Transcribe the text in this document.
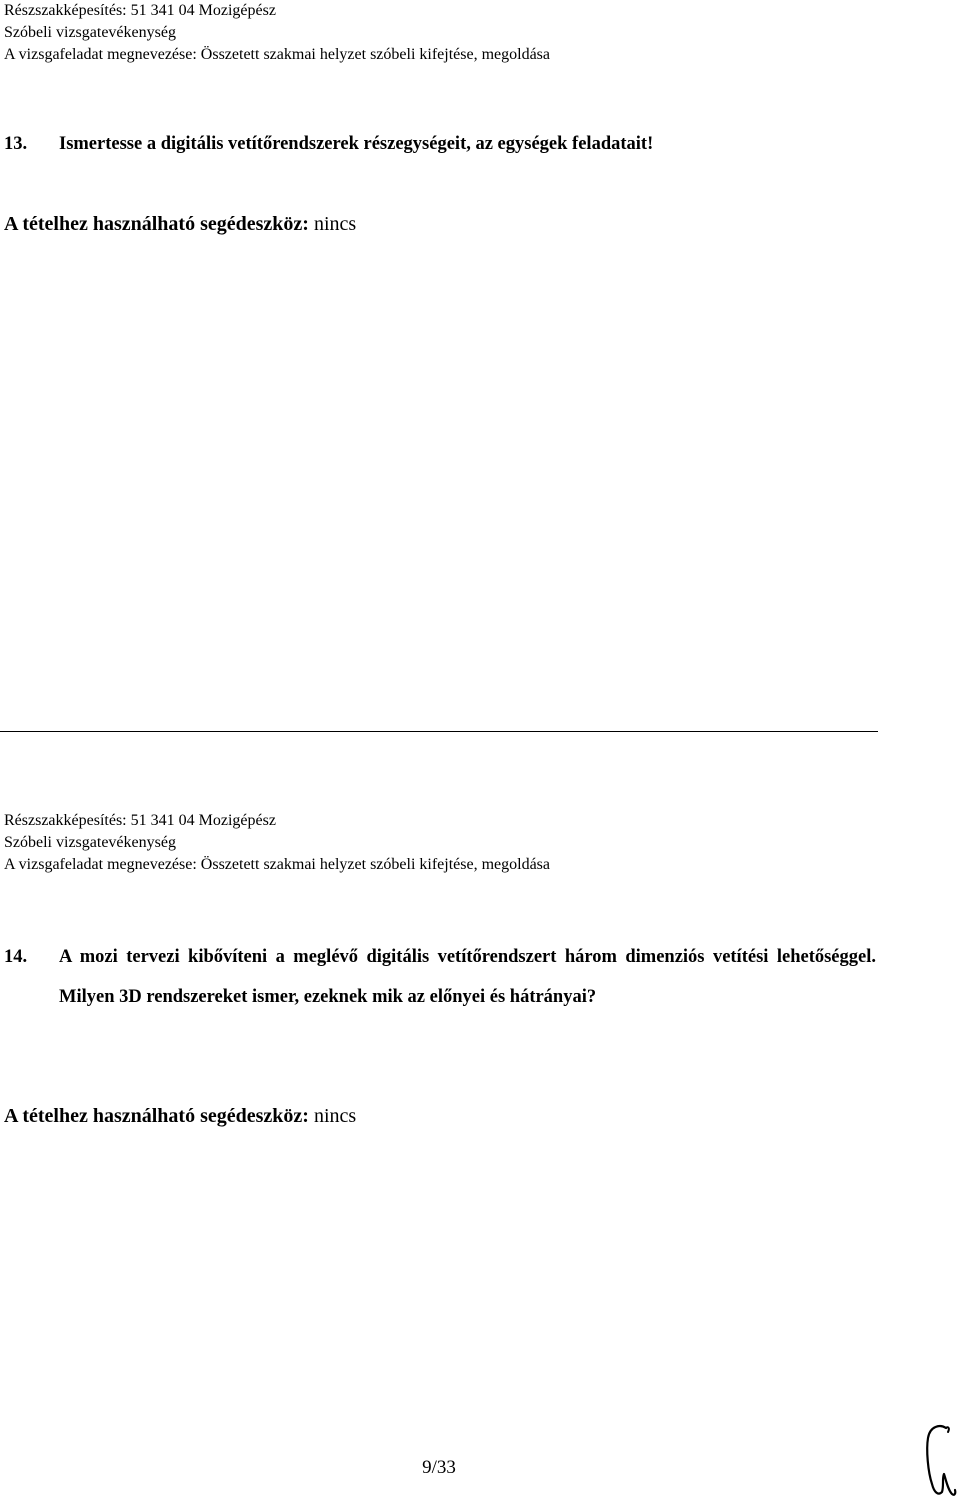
Részszakképesítés: 51 341 04 Mozigépész
Szóbeli vizsgatevékenység
A vizsgafeladat megnevezése: Összetett szakmai helyzet szóbeli kifejtése, megoldása
13. Ismertesse a digitális vetítőrendszerek részegységeit, az egységek feladatait!
A tételhez használható segédeszköz: nincs
Részszakképesítés: 51 341 04 Mozigépész
Szóbeli vizsgatevékenység
A vizsgafeladat megnevezése: Összetett szakmai helyzet szóbeli kifejtése, megoldása
14. A mozi tervezi kibővíteni a meglévő digitális vetítőrendszert három dimenziós vetítési lehetőséggel. Milyen 3D rendszereket ismer, ezeknek mik az előnyei és hátrányai?
A tételhez használható segédeszköz: nincs
9/33
